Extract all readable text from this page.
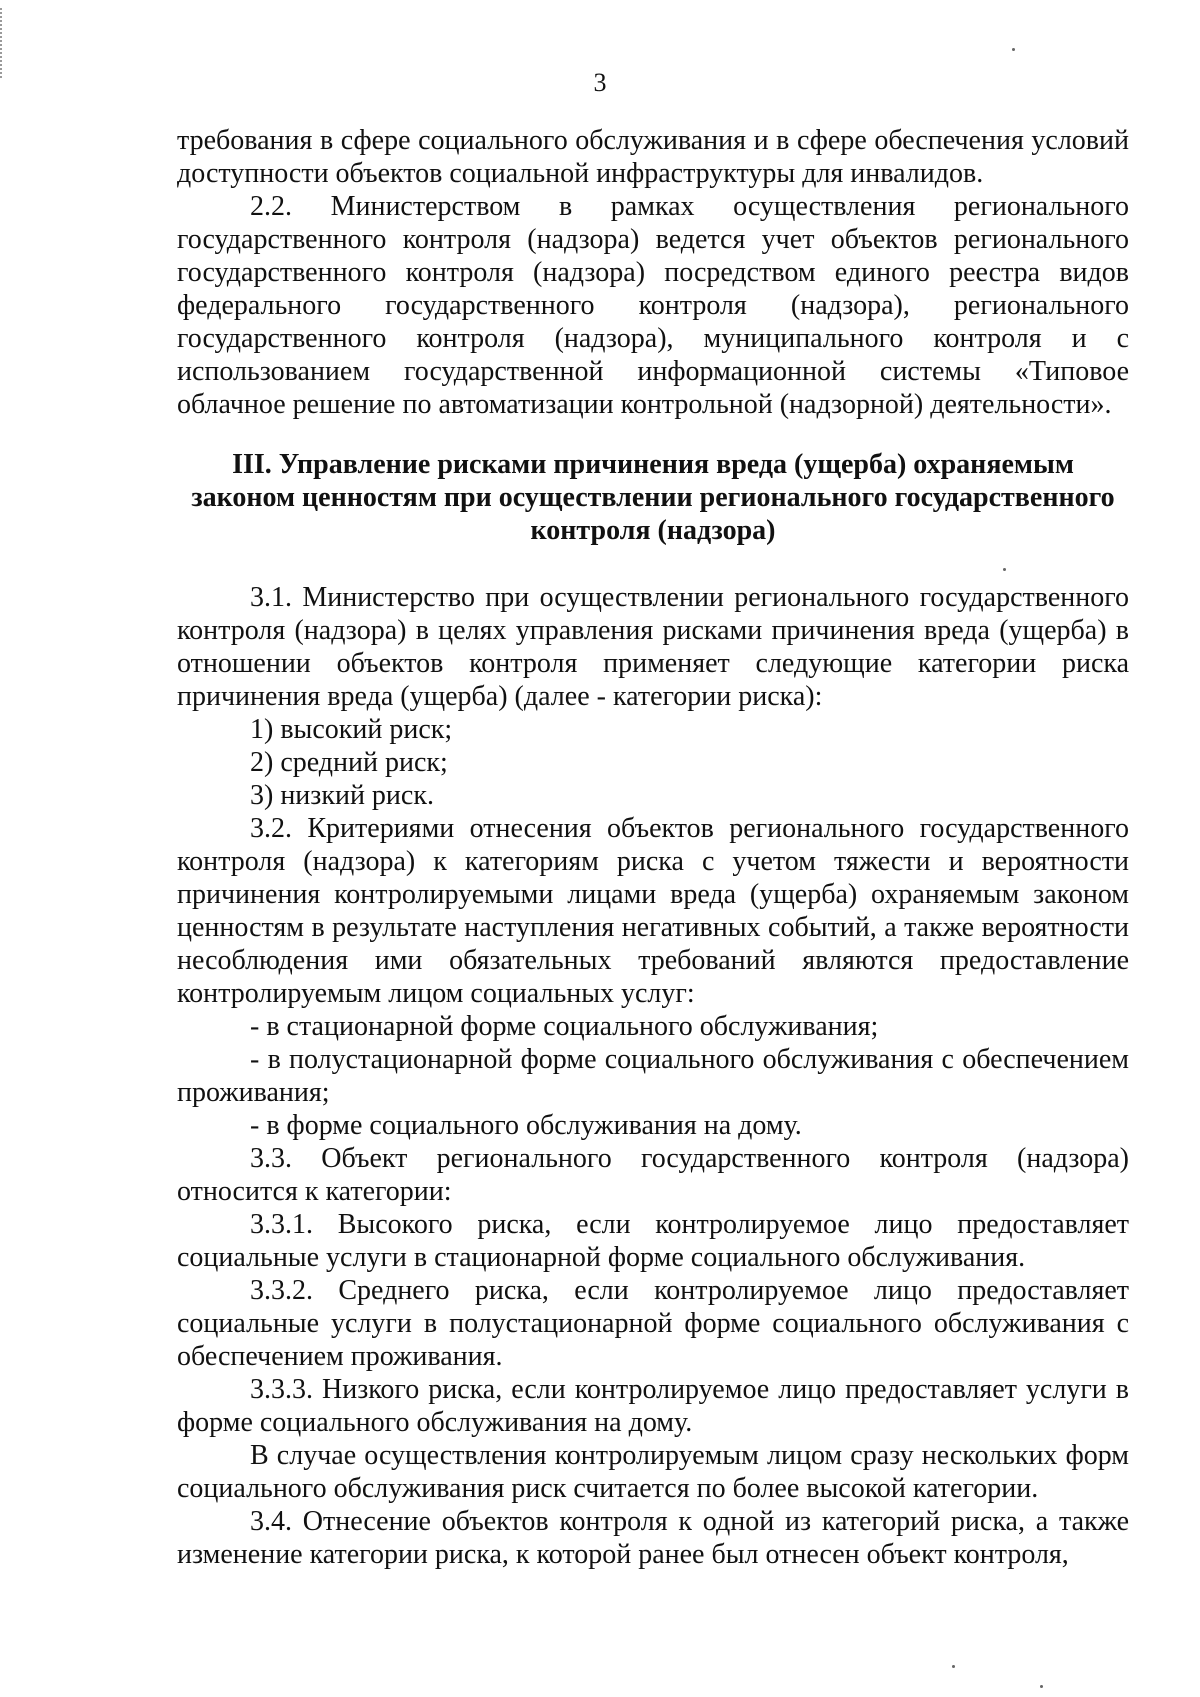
3

требования в сфере социального обслуживания и в сфере обеспечения условий доступности объектов социальной инфраструктуры для инвалидов.

2.2. Министерством в рамках осуществления регионального государственного контроля (надзора) ведется учет объектов регионального государственного контроля (надзора) посредством единого реестра видов федерального государственного контроля (надзора), регионального государственного контроля (надзора), муниципального контроля и с использованием государственной информационной системы «Типовое облачное решение по автоматизации контрольной (надзорной) деятельности».

III. Управление рисками причинения вреда (ущерба) охраняемым законом ценностям при осуществлении регионального государственного контроля (надзора)

3.1. Министерство при осуществлении регионального государственного контроля (надзора) в целях управления рисками причинения вреда (ущерба) в отношении объектов контроля применяет следующие категории риска причинения вреда (ущерба) (далее - категории риска):

1) высокий риск;

2) средний риск;

3) низкий риск.

3.2. Критериями отнесения объектов регионального государственного контроля (надзора) к категориям риска с учетом тяжести и вероятности причинения контролируемыми лицами вреда (ущерба) охраняемым законом ценностям в результате наступления негативных событий, а также вероятности несоблюдения ими обязательных требований являются предоставление контролируемым лицом социальных услуг:

- в стационарной форме социального обслуживания;

- в полустационарной форме социального обслуживания с обеспечением проживания;

- в форме социального обслуживания на дому.

3.3. Объект регионального государственного контроля (надзора) относится к категории:

3.3.1. Высокого риска, если контролируемое лицо предоставляет социальные услуги в стационарной форме социального обслуживания.

3.3.2. Среднего риска, если контролируемое лицо предоставляет социальные услуги в полустационарной форме социального обслуживания с обеспечением проживания.

3.3.3. Низкого риска, если контролируемое лицо предоставляет услуги в форме социального обслуживания на дому.

В случае осуществления контролируемым лицом сразу нескольких форм социального обслуживания риск считается по более высокой категории.

3.4. Отнесение объектов контроля к одной из категорий риска, а также изменение категории риска, к которой ранее был отнесен объект контроля,
